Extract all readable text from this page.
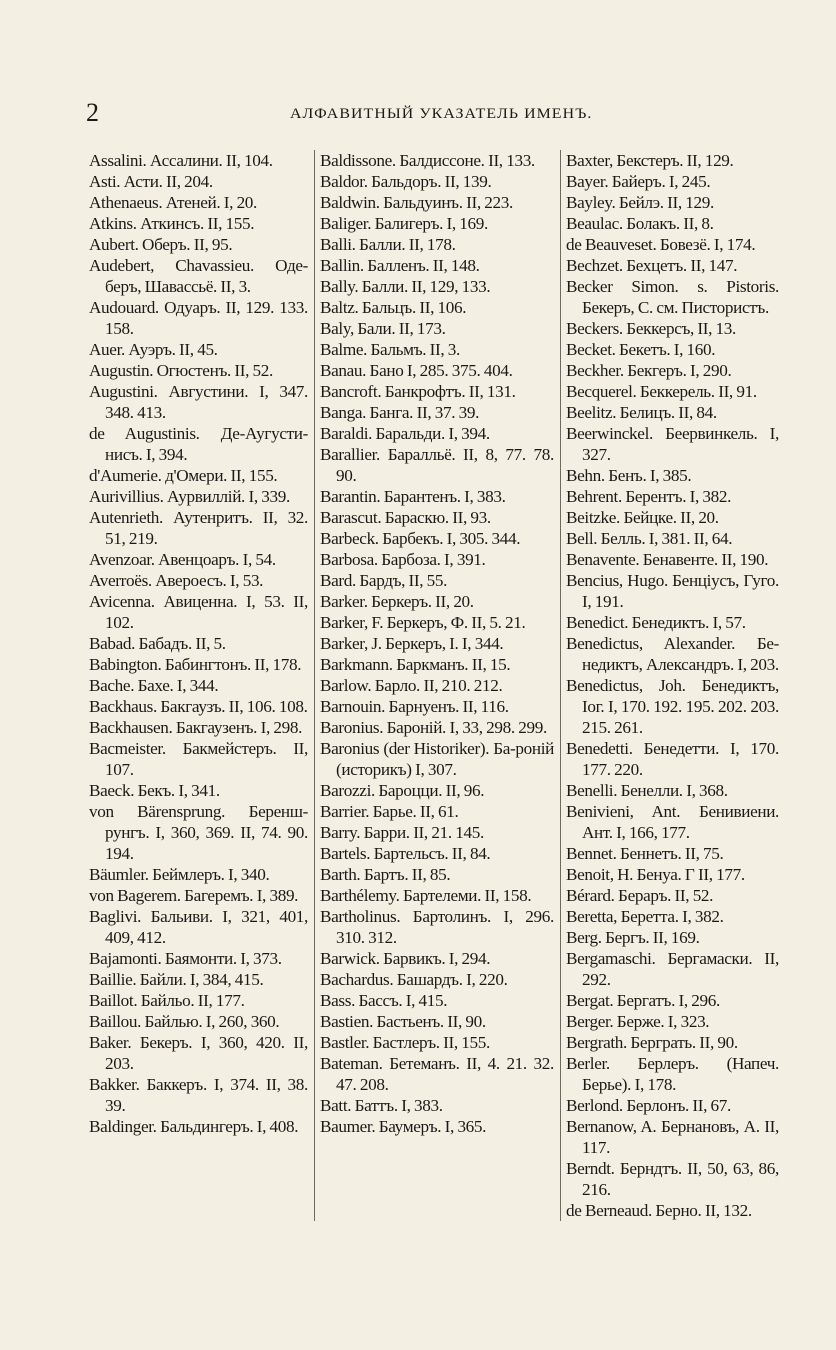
2	АЛФАВИТНЫЙ УКАЗАТЕЛЬ ИМЕНЪ.

Assalini. Ассалини. II, 104.

Asti. Асти. II, 204.

Athenaeus. Атеней. I, 20.

Atkins. Аткинсъ. II, 155.

Aubert. Оберъ. II, 95.

Audebert, Chavassieu. Оде-беръ, Шавассьё. II, 3.

Audouard. Одуаръ. II, 129. 133. 158.

Auer. Ауэръ. II, 45.

Augustin. Огюстенъ. II, 52.

Augustini. Августини. I, 347. 348. 413.

de Augustinis. Де-Аугусти-нисъ. I, 394.

d'Aumerie. д'Омери. II, 155.

Aurivillius. Аурвиллій. I, 339.

Autenrieth. Аутенритъ. II, 32. 51, 219.

Avenzoar. Авенцоаръ. I, 54.

Averroës. Авероесъ. I, 53.

Avicenna. Авиценна. I, 53. II, 102.

Babad. Бабадъ. II, 5.

Babington. Бабингтонъ. II, 178.

Bache. Бахе. I, 344.

Backhaus. Бакгаузъ. II, 106. 108.

Backhausen. Бакгаузенъ. I, 298.

Bacmeister. Бакмейстеръ. II, 107.

Baeck. Бекъ. I, 341.

von Bärensprung. Беренш-рунгъ. I, 360, 369. II, 74. 90. 194.

Bäumler. Беймлеръ. I, 340.

von Bagerem. Багеремъ. I, 389.

Baglivi. Бальиви. I, 321, 401, 409, 412.

Bajamonti. Баямонти. I, 373.

Baillie. Байли. I, 384, 415.

Baillot. Байльо. II, 177.

Baillou. Байлью. I, 260, 360.

Baker. Бекеръ. I, 360, 420. II, 203.

Bakker. Баккеръ. I, 374. II, 38. 39.

Baldinger. Бальдингеръ. I, 408.

Baldissone. Балдиссоне. II, 133.

Baldor. Бальдоръ. II, 139.

Baldwin. Бальдуинъ. II, 223.

Baliger. Балигеръ. I, 169.

Balli. Балли. II, 178.

Ballin. Балленъ. II, 148.

Bally. Балли. II, 129, 133.

Baltz. Бальцъ. II, 106.

Baly, Бали. II, 173.

Balme. Бальмъ. II, 3.

Banau. Бано I, 285. 375. 404.

Bancroft. Банкрофтъ. II, 131.

Banga. Банга. II, 37. 39.

Baraldi. Баральди. I, 394.

Barallier. Баралльё. II, 8, 77. 78. 90.

Barantin. Барантенъ. I, 383.

Barascut. Бараскю. II, 93.

Barbeck. Барбекъ. I, 305. 344.

Barbosa. Барбоза. I, 391.

Bard. Бардъ, II, 55.

Barker. Беркеръ. II, 20.

Barker, F. Беркеръ, Ф. II, 5. 21.

Barker, J. Беркеръ, I. I, 344.

Barkmann. Баркманъ. II, 15.

Barlow. Барло. II, 210. 212.

Barnouin. Барнуенъ. II, 116.

Baronius. Бароній. I, 33, 298. 299.

Baronius (der Historiker). Ба-роній (историкъ) I, 307.

Barozzi. Бароцци. II, 96.

Barrier. Барье. II, 61.

Barry. Барри. II, 21. 145.

Bartels. Бартельсъ. II, 84.

Barth. Бартъ. II, 85.

Barthélemy. Бартелеми. II, 158.

Bartholinus. Бартолинъ. I, 296. 310. 312.

Barwick. Барвикъ. I, 294.

Bachardus. Башардъ. I, 220.

Bass. Бассъ. I, 415.

Bastien. Бастьенъ. II, 90.

Bastler. Бастлеръ. II, 155.

Bateman. Бетеманъ. II, 4. 21. 32. 47. 208.

Batt. Баттъ. I, 383.

Baumer. Баумеръ. I, 365.

Baxter, Бекстеръ. II, 129.

Bayer. Байеръ. I, 245.

Bayley. Бейлэ. II, 129.

Beaulac. Болакъ. II, 8.

de Beauveset. Бовезё. I, 174.

Bechzet. Бехцетъ. II, 147.

Becker Simon. s. Pistoris. Бекеръ, С. см. Пистористъ.

Beckers. Беккерсъ, II, 13.

Becket. Бекетъ. I, 160.

Beckher. Бекгеръ. I, 290.

Becquerel. Беккерель. II, 91.

Beelitz. Белицъ. II, 84.

Beerwinckel. Беервинкель. I, 327.

Behn. Бенъ. I, 385.

Behrent. Берентъ. I, 382.

Beitzke. Бейцке. II, 20.

Bell. Белль. I, 381. II, 64.

Benavente. Бенавенте. II, 190.

Bencius, Hugo. Бенціусъ, Гуго. I, 191.

Benedict. Бенедиктъ. I, 57.

Benedictus, Alexander. Бе-недиктъ, Александръ. I, 203.

Benedictus, Joh. Бенедиктъ, Іог. I, 170. 192. 195. 202. 203. 215. 261.

Benedetti. Бенедетти. I, 170. 177. 220.

Benelli. Бенелли. I, 368.

Benivieni, Ant. Бенивиени. Ант. I, 166, 177.

Bennet. Беннетъ. II, 75.

Benoit, H. Бенуа. Г II, 177.

Bérard. Бераръ. II, 52.

Beretta, Беретта. I, 382.

Berg. Бергъ. II, 169.

Bergamaschi. Бергамаски. II, 292.

Bergat. Бергатъ. I, 296.

Berger. Берже. I, 323.

Bergrath. Берграть. II, 90.

Berler. Берлеръ. (Напеч. Берье). I, 178.

Berlond. Берлонъ. II, 67.

Bernanow, A. Бернановъ, А. II, 117.

Berndt. Берндтъ. II, 50, 63, 86, 216.

de Berneaud. Берно. II, 132.
